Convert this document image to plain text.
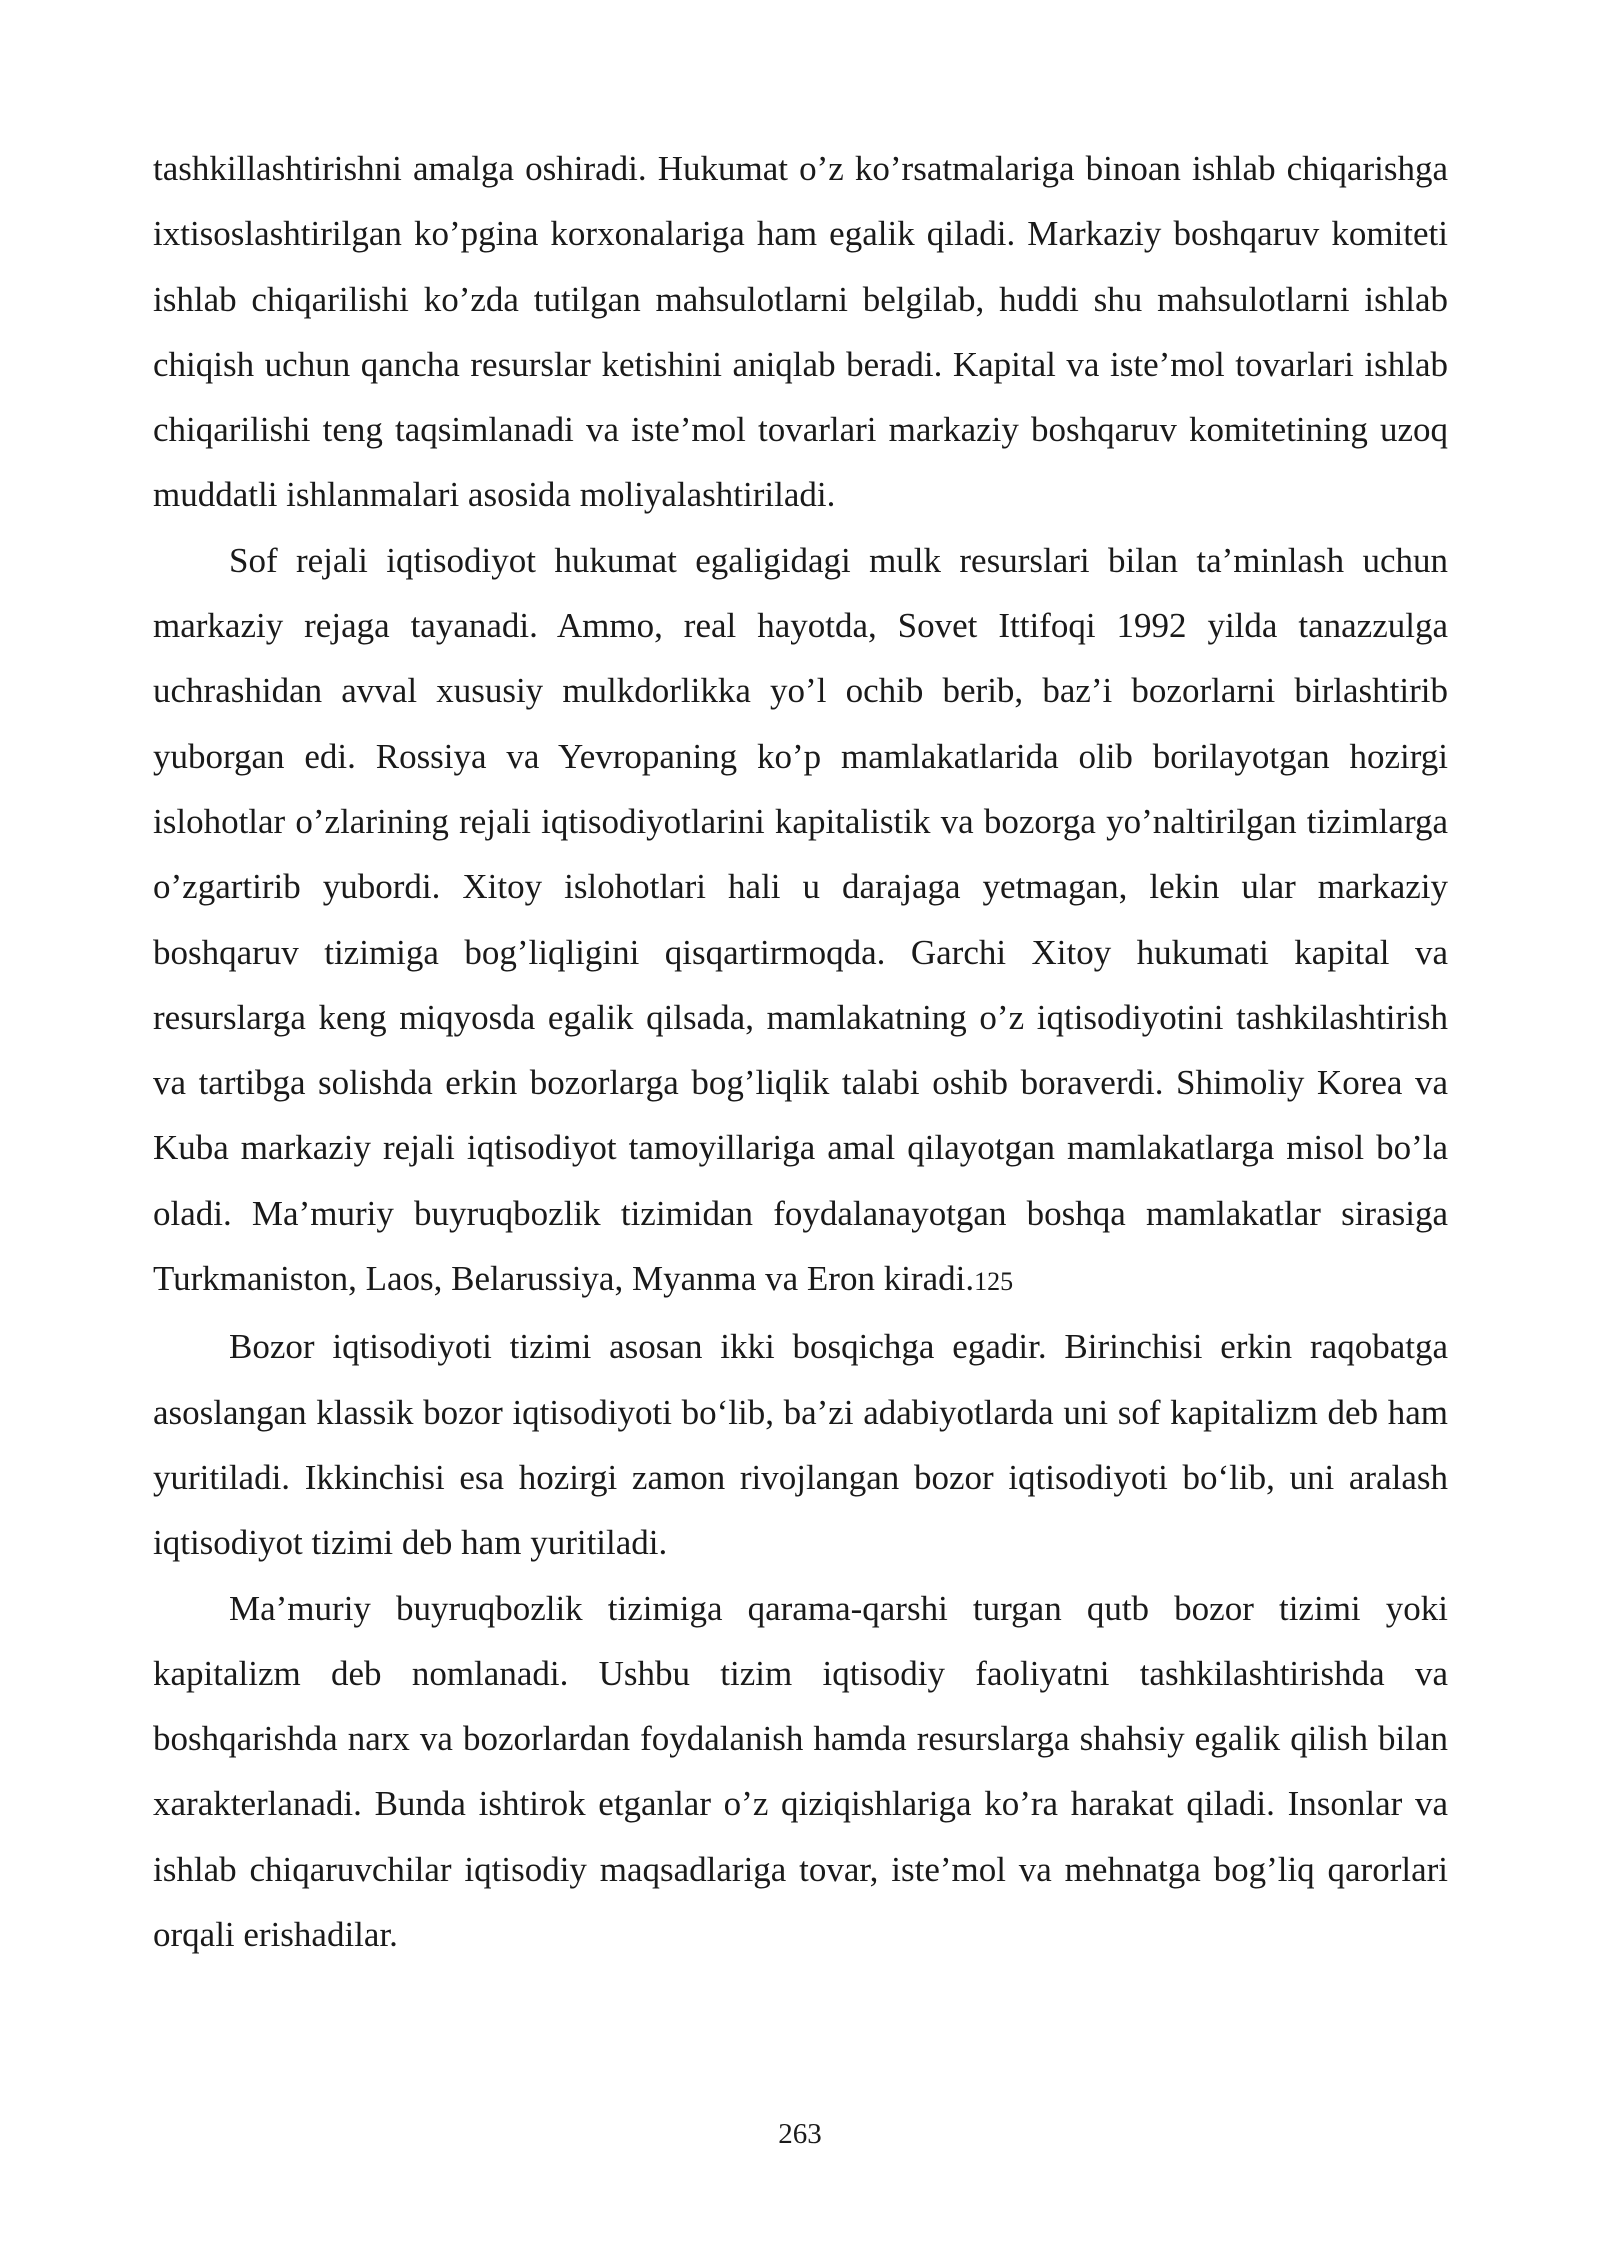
tashkillashtirishni amalga oshiradi. Hukumat o’z ko’rsatmalariga binoan ishlab chiqarishga ixtisoslashtirilgan ko’pgina korxonalariga ham egalik qiladi. Markaziy boshqaruv komiteti ishlab chiqarilishi ko’zda tutilgan mahsulotlarni belgilab, huddi shu mahsulotlarni ishlab chiqish uchun qancha resurslar ketishini aniqlab beradi. Kapital va iste’mol tovarlari ishlab chiqarilishi teng taqsimlanadi va iste’mol tovarlari markaziy boshqaruv komitetining uzoq muddatli ishlanmalari asosida moliyalashtiriladi.

Sof rejali iqtisodiyot hukumat egaligidagi mulk resurslari bilan ta’minlash uchun markaziy rejaga tayanadi. Ammo, real hayotda, Sovet Ittifoqi 1992 yilda tanazzulga uchrashidan avval xususiy mulkdorlikka yo’l ochib berib, baz’i bozorlarni birlashtirib yuborgan edi. Rossiya va Yevropaning ko’p mamlakatlarida olib borilayotgan hozirgi islohotlar o’zlarining rejali iqtisodiyotlarini kapitalistik va bozorga yo’naltirilgan tizimlarga o’zgartirib yubordi. Xitoy islohotlari hali u darajaga yetmagan, lekin ular markaziy boshqaruv tizimiga bog’liqligini qisqartirmoqda. Garchi Xitoy hukumati kapital va resurslarga keng miqyosda egalik qilsada, mamlakatning o’z iqtisodiyotini tashkilashtirish va tartibga solishda erkin bozorlarga bog’liqlik talabi oshib boraverdi. Shimoliy Korea va Kuba markaziy rejali iqtisodiyot tamoyillariga amal qilayotgan mamlakatlarga misol bo’la oladi. Ma’muriy buyruqbozlik tizimidan foydalanayotgan boshqa mamlakatlar sirasiga Turkmaniston, Laos, Belarussiya, Myanma va Eron kiradi.125

Bozor iqtisodiyoti tizimi asosan ikki bosqichga egadir. Birinchisi erkin raqobatga asoslangan klassik bozor iqtisodiyoti bo‘lib, ba’zi adabiyotlarda uni sof kapitalizm deb ham yuritiladi. Ikkinchisi esa hozirgi zamon rivojlangan bozor iqtisodiyoti bo‘lib, uni aralash iqtisodiyot tizimi deb ham yuritiladi.

Ma’muriy buyruqbozlik tizimiga qarama-qarshi turgan qutb bozor tizimi yoki kapitalizm deb nomlanadi. Ushbu tizim iqtisodiy faoliyatni tashkilashtirishda va boshqarishda narx va bozorlardan foydalanish hamda resurslarga shahsiy egalik qilish bilan xarakterlanadi. Bunda ishtirok etganlar o’z qiziqishlariga ko’ra harakat qiladi. Insonlar va ishlab chiqaruvchilar iqtisodiy maqsadlariga tovar, iste’mol va mehnatga bog’liq qarorlari orqali erishadilar.

263
